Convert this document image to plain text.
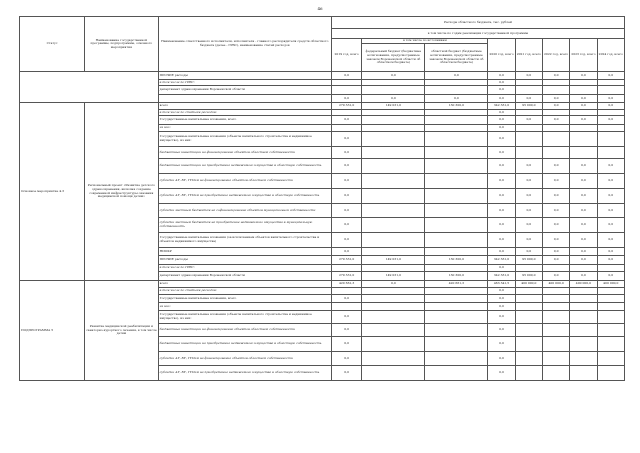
46
Статус	Наименование государственной программы, подпрограммы, основного мероприятия	Наименование ответственного исполнителя, исполнителя - главного распорядителя средств областного бюджета (далее - ГРБС), наименование статей расходов	Расходы областного бюджета, тыс. рублей							
			в том числе по годам реализации государственной программы							
			2019 год, всего	в том числе по источникам		2020 год, всего	2021 год, всего	2022 год, всего	2023 год, всего	2024 год, всего
				федеральный бюджет (бюджетные ассигнования, предусмотренные законом Воронежской области об областном бюджете)	областной бюджет (бюджетные ассигнования, предусмотренные законом Воронежской области об областном бюджете)					
		ПРОЧИЕ расходы	0,0	0,0	0,0	0,0	0,0	0,0	0,0	0,0
		в том числе по ГРБС:				0,0				
		департамент здравоохранения Воронежской области				0,0				
			0,0	0,0	0,0	0,0	0,0	0,0	0,0	0,0
Основное мероприятие 4.3	Региональный проект «Развитие детского здравоохранения, включая создание современной инфраструктуры оказания медицинской помощи детям»	всего	279 331,0	149 031,0	130 300,0	342 331,0	95 000,0	0,0	0,0	0,0
		в том числе по статьям расходов:				0,0				
		Государственные капитальные вложения, всего	0,0			0,0	0,0	0,0	0,0	0,0
		из них:				0,0				
		Государственные капитальные вложения (объекты капитального строительства и недвижимое имущество), из них:	0,0			0,0				
		бюджетные инвестиции на финансирование объектов областной собственности	0,0			0,0				
		бюджетные инвестиции на приобретение недвижимого имущества в областную собственность	0,0			0,0	0,0	0,0	0,0	0,0
		субсидии АУ, БУ, ГУПам на финансирование объектов областной собственности	0,0			0,0	0,0	0,0	0,0	0,0
		субсидии АУ, БУ, ГУПам на приобретение недвижимого имущества в областную собственность	0,0			0,0	0,0	0,0	0,0	0,0
		субсидии местным бюджетам на софинансирование объектов муниципальной собственности	0,0			0,0	0,0	0,0	0,0	0,0
		субсидии местным бюджетам на приобретение недвижимого имущества в муниципальную собственность	0,0			0,0	0,0	0,0	0,0	0,0
		Государственные капитальные вложения (за исключением объектов капитального строительства и объектов недвижимого имущества)	0,0			0,0	0,0	0,0	0,0	0,0
		НИОКР	0,0			0,0	0,0	0,0	0,0	0,0
		ПРОЧИЕ расходы	279 331,0	149 031,0	130 300,0	342 331,0	95 000,0	0,0	0,0	0,0
		в том числе по ГРБС:				0,0				
		департамент здравоохранения Воронежской области	279 331,0	149 031,0	130 300,0	342 331,0	95 000,0	0,0	0,0	0,0
ПОДПРОГРАММА 5	Развитие медицинской реабилитации и санаторно-курортного лечения, в том числе детям	всего	420 661,3	0,0	420 661,3	463 341,5	400 000,0	400 000,0	400 000,0	400 000,0
		в том числе по статьям расходов:				0,0				
		Государственные капитальные вложения, всего	0,0			0,0				
		из них:				0,0				
		Государственные капитальные вложения (объекты капитального строительства и недвижимое имущество), из них:	0,0			0,0				
		бюджетные инвестиции на финансирование объектов областной собственности	0,0			0,0				
		бюджетные инвестиции на приобретение недвижимого имущества в областную собственность	0,0			0,0				
		субсидии АУ, БУ, ГУПам на финансирование объектов областной собственности	0,0			0,0				
		субсидии АУ, БУ, ГУПам на приобретение недвижимого имущества в областную собственность	0,0			0,0				
